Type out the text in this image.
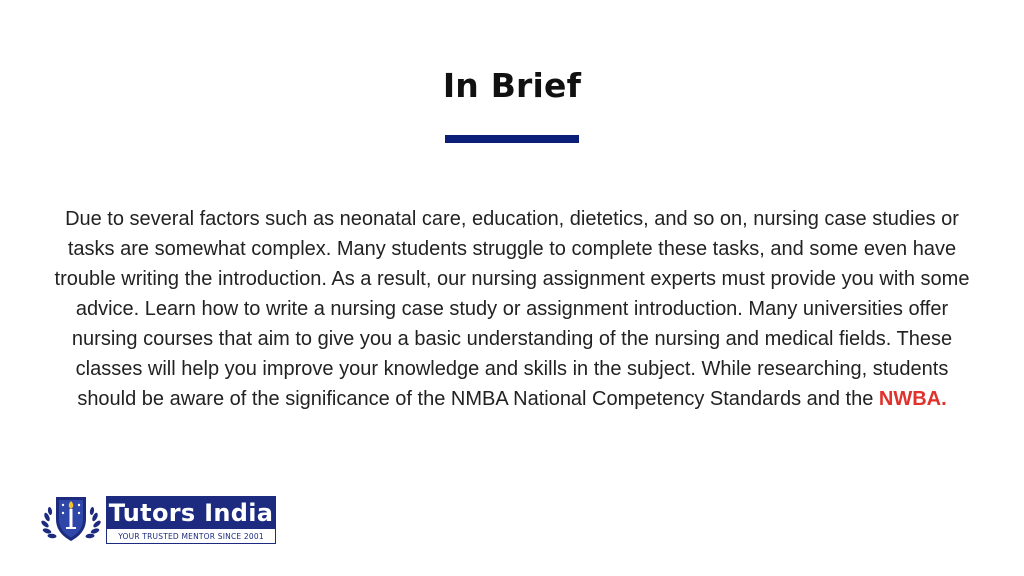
In Brief

Due to several factors such as neonatal care, education, dietetics, and so on, nursing case studies or tasks are somewhat complex. Many students struggle to complete these tasks, and some even have trouble writing the introduction. As a result, our nursing assignment experts must provide you with some advice. Learn how to write a nursing case study or assignment introduction. Many universities offer nursing courses that aim to give you a basic understanding of the nursing and medical fields. These classes will help you improve your knowledge and skills in the subject. While researching, students should be aware of the significance of the NMBA National Competency Standards and the NWBA.

Tutors India
YOUR TRUSTED MENTOR SINCE 2001
